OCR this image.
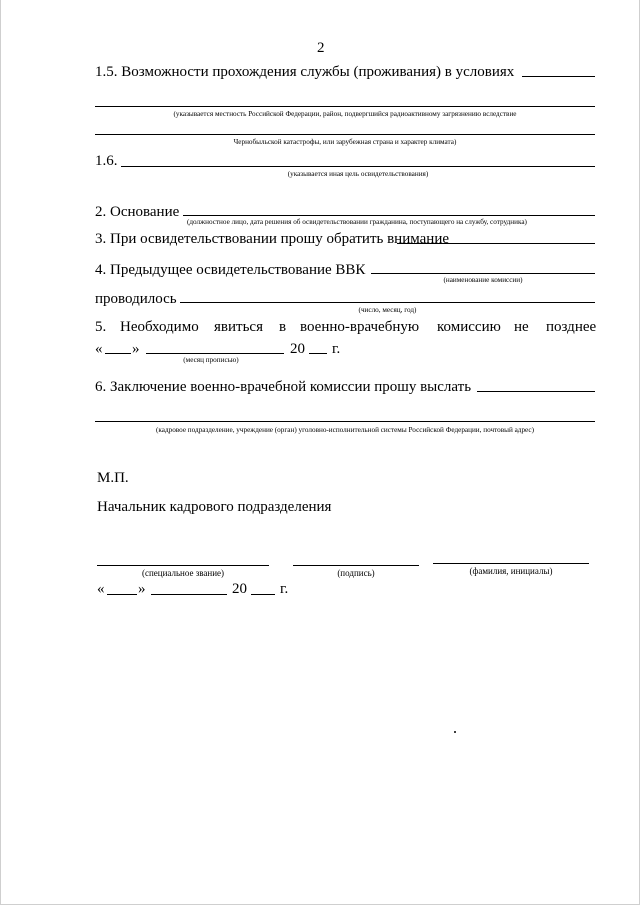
2
1.5. Возможности прохождения службы (проживания) в условиях
(указывается местность Российской Федерации, район, подвергшийся радиоактивному загрязнению вследствие
Чернобыльской катастрофы, или зарубежная страна и характер климата)
1.6.
(указывается иная цель освидетельствования)
2. Основание
(должностное лицо, дата решения об освидетельствовании гражданина, поступающего на службу, сотрудника)
3. При освидетельствовании прошу обратить внимание
4. Предыдущее освидетельствование ВВК
(наименование комиссии)
проводилось
(число, месяц, год)
5. Необходимо явиться в военно-врачебную комиссию не позднее
« »
(месяц прописью)
20 г.
6. Заключение военно-врачебной комиссии прошу выслать
(кадровое подразделение, учреждение (орган) уголовно-исполнительной системы Российской Федерации, почтовый адрес)
М.П.
Начальник кадрового подразделения
(специальное звание)	(подпись)	(фамилия, инициалы)
« »	20 г.
